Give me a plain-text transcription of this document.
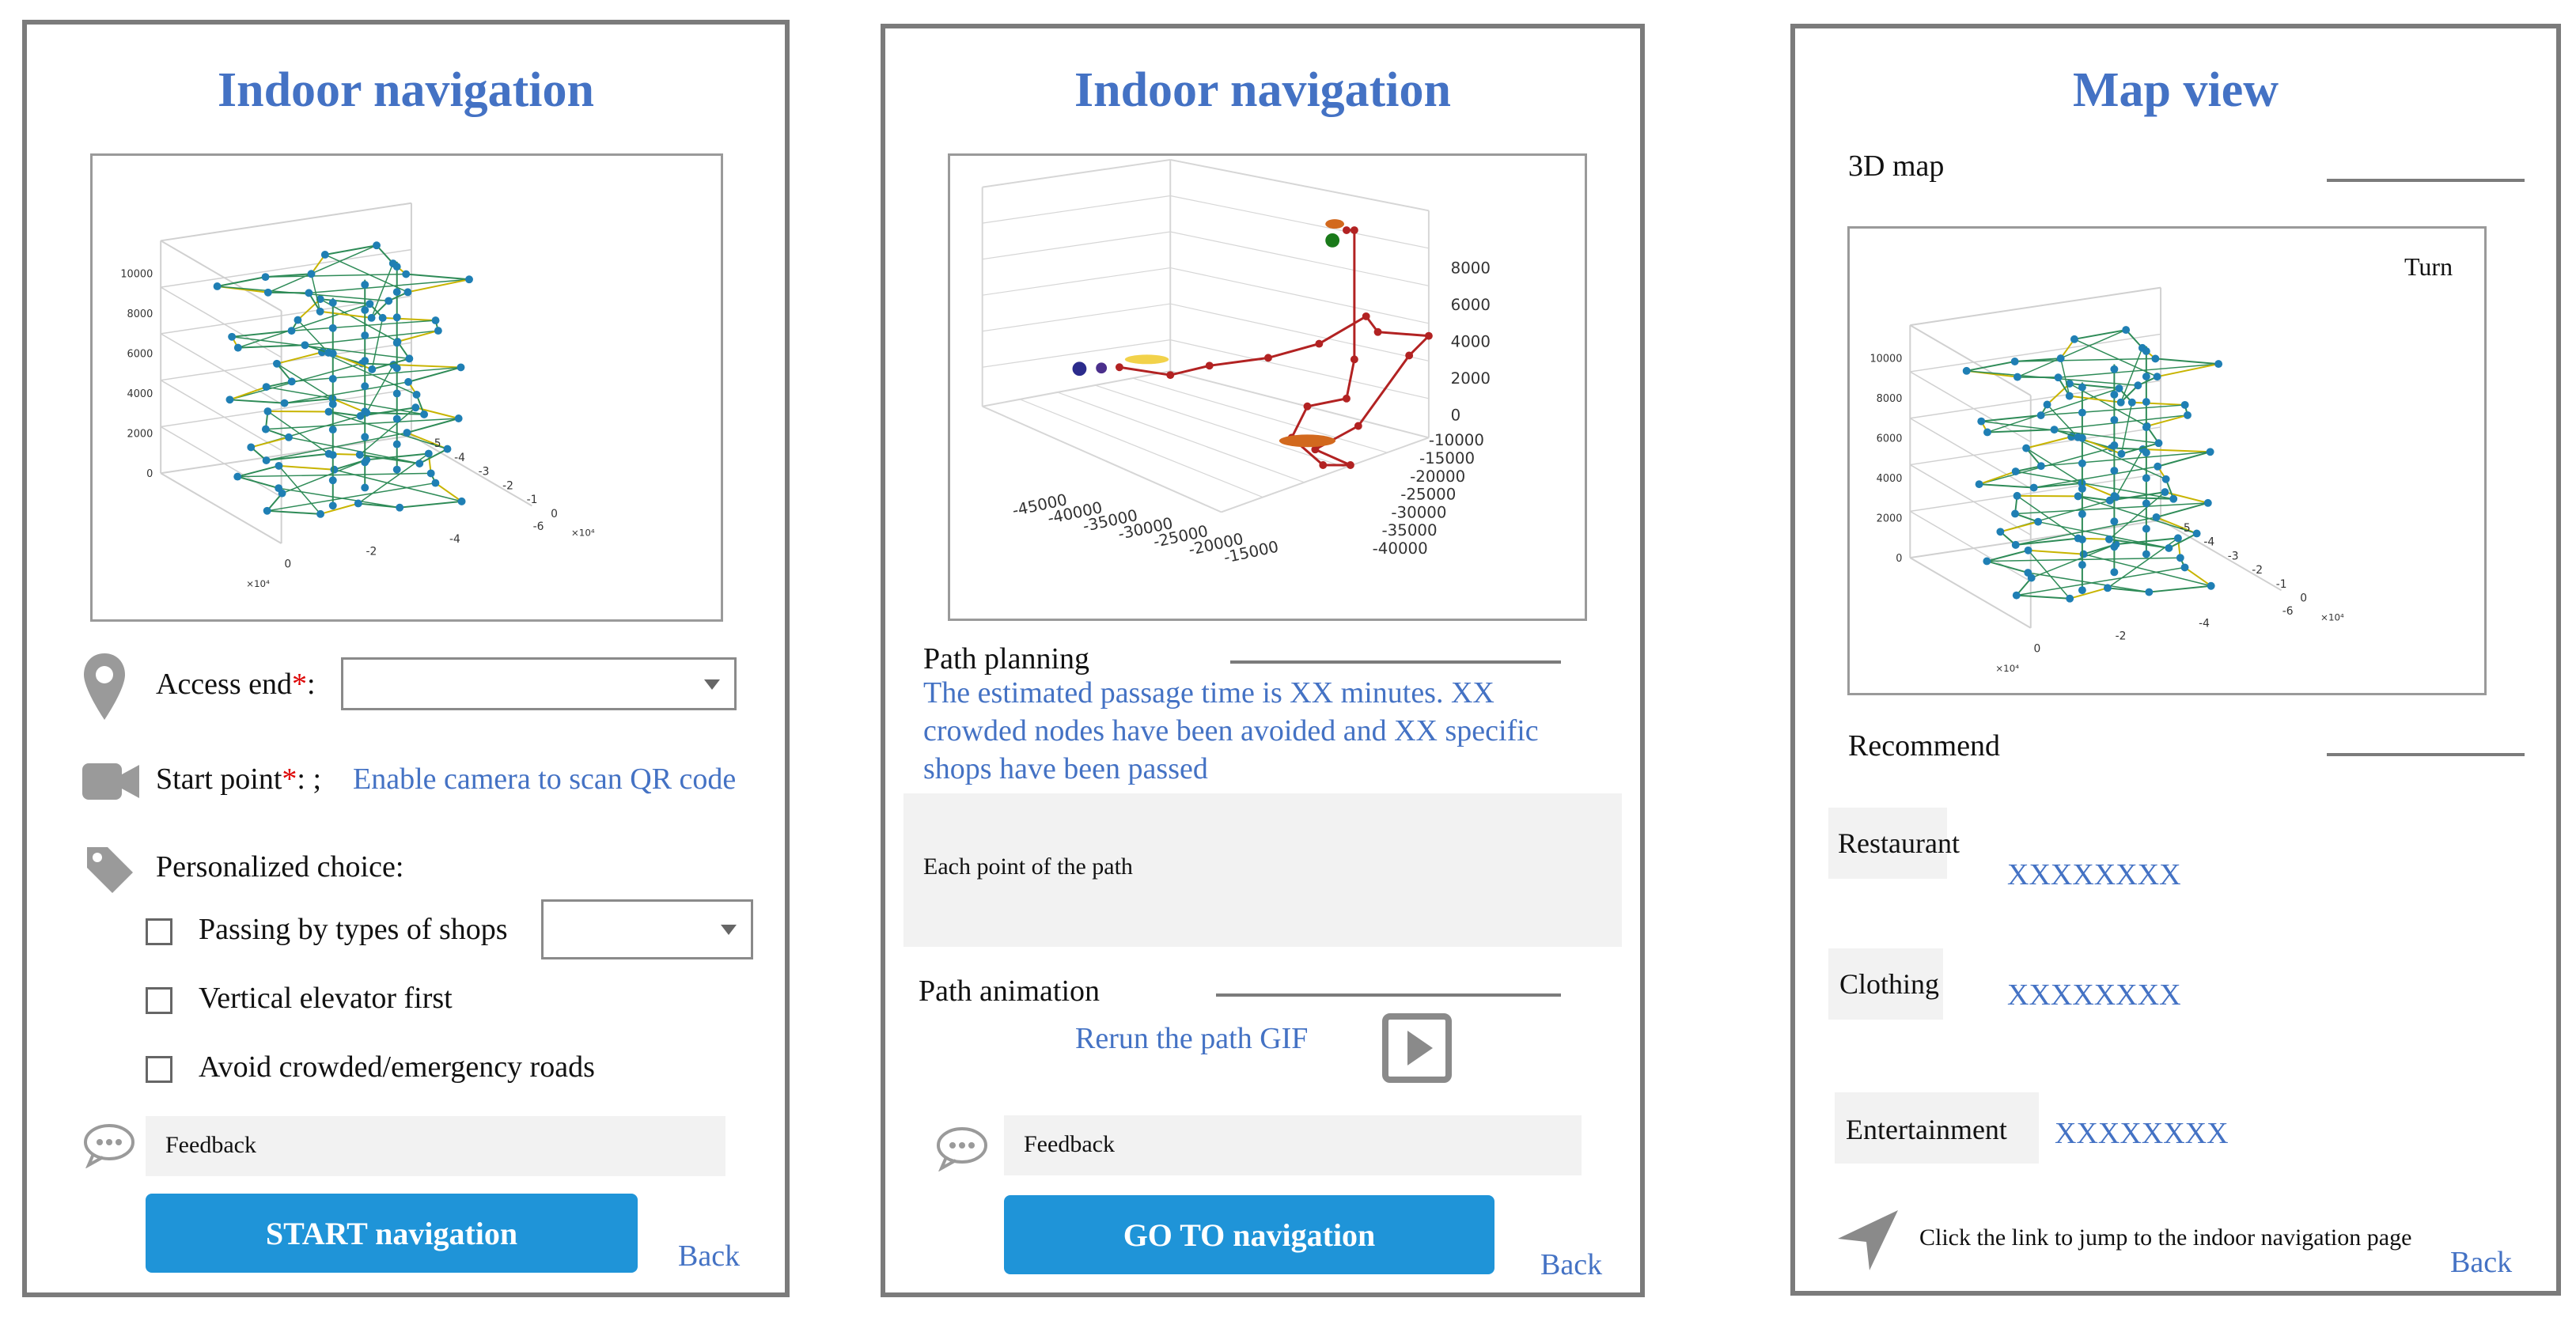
Indoor navigation
10000
8000
6000
4000
2000
0
0
-2
-4
-6
-5
-4
-3
-2
-1
0
×10⁴
×10⁴
Access end*:
Start point*: ; Enable camera to scan QR code
Personalized choice:
Passing by types of shops
Vertical elevator first
Avoid crowded/emergency roads
Feedback
START navigation
Back
Indoor navigation
8000
6000
4000
2000
0
-10000
-15000
-20000
-25000
-30000
-35000
-40000
-45000
-40000
-35000
-30000
-25000
-20000
-15000
Path planning
The estimated passage time is XX minutes. XX
crowded nodes have been avoided and XX specific
shops have been passed
Each point of the path
Path animation
Rerun the path GIF
Feedback
GO TO navigation
Back
Map view
3D map
10000
8000
6000
4000
2000
0
0
-2
-4
-6
-5
-4
-3
-2
-1
0
×10⁴
×10⁴
Turn
Recommend
Restaurant
XXXXXXXX
Clothing XXXXXXXX
Entertainment XXXXXXXX
Click the link to jump to the indoor navigation page
Back
